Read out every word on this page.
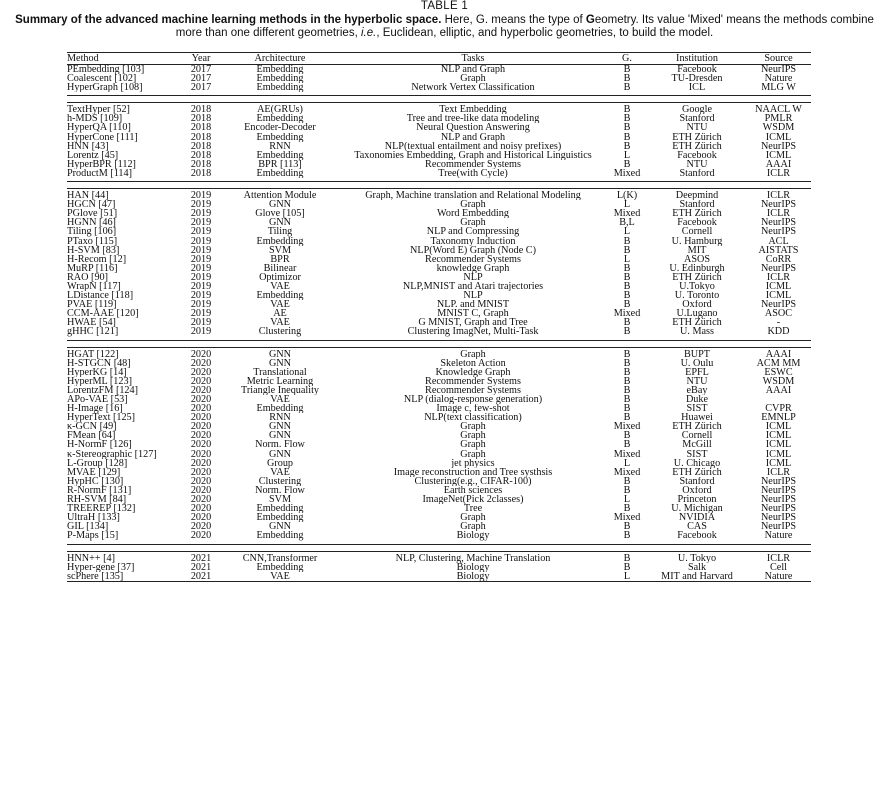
TABLE 1
Summary of the advanced machine learning methods in the hyperbolic space. Here, G. means the type of Geometry. Its value 'Mixed' means the methods combine more than one different geometries, i.e., Euclidean, elliptic, and hyperbolic geometries, to build the model.
Method	Year	Architecture	Tasks	G.	Institution	Source
PEmbedding [103]	2017	Embedding	NLP and Graph	B	Facebook	NeurIPS
Coalescent [102]	2017	Embedding	Graph	B	TU-Dresden	Nature
HyperGraph [108]	2017	Embedding	Network Vertex Classification	B	ICL	MLG W
TextHyper [52]	2018	AE(GRUs)	Text Embedding	B	Google	NAACL W
h-MDS [109]	2018	Embedding	Tree and tree-like data modeling	B	Stanford	PMLR
HyperQA [110]	2018	Encoder-Decoder	Neural Question Answering	B	NTU	WSDM
HyperCone [111]	2018	Embedding	NLP and Graph	B	ETH Zürich	ICML
HNN [43]	2018	RNN	NLP(textual entailment and noisy prefixes)	B	ETH Zürich	NeurIPS
Lorentz [45]	2018	Embedding	Taxonomies Embedding, Graph and Historical Linguistics	L	Facebook	ICML
HyperBPR [112]	2018	BPR [113]	Recommender Systems	B	NTU	AAAI
ProductM [114]	2018	Embedding	Tree(with Cycle)	Mixed	Stanford	ICLR
HAN [44]	2019	Attention Module	Graph, Machine translation and Relational Modeling	L(K)	Deepmind	ICLR
HGCN [47]	2019	GNN	Graph	L	Stanford	NeurIPS
PGlove [51]	2019	Glove [105]	Word Embedding	Mixed	ETH Zürich	ICLR
HGNN [46]	2019	GNN	Graph	B,L	Facebook	NeurIPS
Tiling [106]	2019	Tiling	NLP and Compressing	L	Cornell	NeurIPS
PTaxo [115]	2019	Embedding	Taxonomy Induction	B	U. Hamburg	ACL
H-SVM [83]	2019	SVM	NLP(Word E) Graph (Node C)	B	MIT	AISTATS
H-Recom [12]	2019	BPR	Recommender Systems	L	ASOS	CoRR
MuRP [116]	2019	Bilinear	knowledge Graph	B	U. Edinburgh	NeurIPS
RAO [90]	2019	Optimizor	NLP	B	ETH Zürich	ICLR
WrapN [117]	2019	VAE	NLP,MNIST and Atari trajectories	B	U.Tokyo	ICML
LDistance [118]	2019	Embedding	NLP	B	U. Toronto	ICML
PVAE [119]	2019	VAE	NLP. and MNIST	B	Oxford	NeurIPS
CCM-AAE [120]	2019	AE	MNIST C, Graph	Mixed	U.Lugano	ASOC
HWAE [54]	2019	VAE	G MNIST, Graph and Tree	B	ETH Zürich	-
gHHC [121]	2019	Clustering	Clustering ImagNet, Multi-Task	B	U. Mass	KDD
HGAT [122]	2020	GNN	Graph	B	BUPT	AAAI
H-STGCN [48]	2020	GNN	Skeleton Action	B	U. Oulu	ACM MM
HyperKG [14]	2020	Translational	Knowledge Graph	B	EPFL	ESWC
HyperML [123]	2020	Metric Learning	Recommender Systems	B	NTU	WSDM
LorentzFM [124]	2020	Triangle Inequality	Recommender Systems	B	eBay	AAAI
APo-VAE [53]	2020	VAE	NLP (dialog-response generation)	B	Duke
H-Image [16]	2020	Embedding	Image c, few-shot	B	SIST	CVPR
HyperText [125]	2020	RNN	NLP(text classification)	B	Huawei	EMNLP
κ-GCN [49]	2020	GNN	Graph	Mixed	ETH Zürich	ICML
FMean [64]	2020	GNN	Graph	B	Cornell	ICML
H-NormF [126]	2020	Norm. Flow	Graph	B	McGill	ICML
κ-Stereographic [127]	2020	GNN	Graph	Mixed	SIST	ICML
L-Group [128]	2020	Group	jet physics	L	U. Chicago	ICML
MVAE [129]	2020	VAE	Image reconstruction and Tree systhsis	Mixed	ETH Zürich	ICLR
HypHC [130]	2020	Clustering	Clustering(e.g., CIFAR-100)	B	Stanford	NeurIPS
R-NormF [131]	2020	Norm. Flow	Earth sciences	B	Oxford	NeurIPS
RH-SVM [84]	2020	SVM	ImageNet(Pick 2classes)	L	Princeton	NeurIPS
TREEREP [132]	2020	Embedding	Tree	B	U. Michigan	NeurIPS
UltraH [133]	2020	Embedding	Graph	Mixed	NVIDIA	NeurIPS
GIL [134]	2020	GNN	Graph	B	CAS	NeurIPS
P-Maps [15]	2020	Embedding	Biology	B	Facebook	Nature
HNN++ [4]	2021	CNN,Transformer	NLP, Clustering, Machine Translation	B	U. Tokyo	ICLR
Hyper-gene [37]	2021	Embedding	Biology	B	Salk	Cell
scPhere [135]	2021	VAE	Biology	L	MIT and Harvard	Nature
